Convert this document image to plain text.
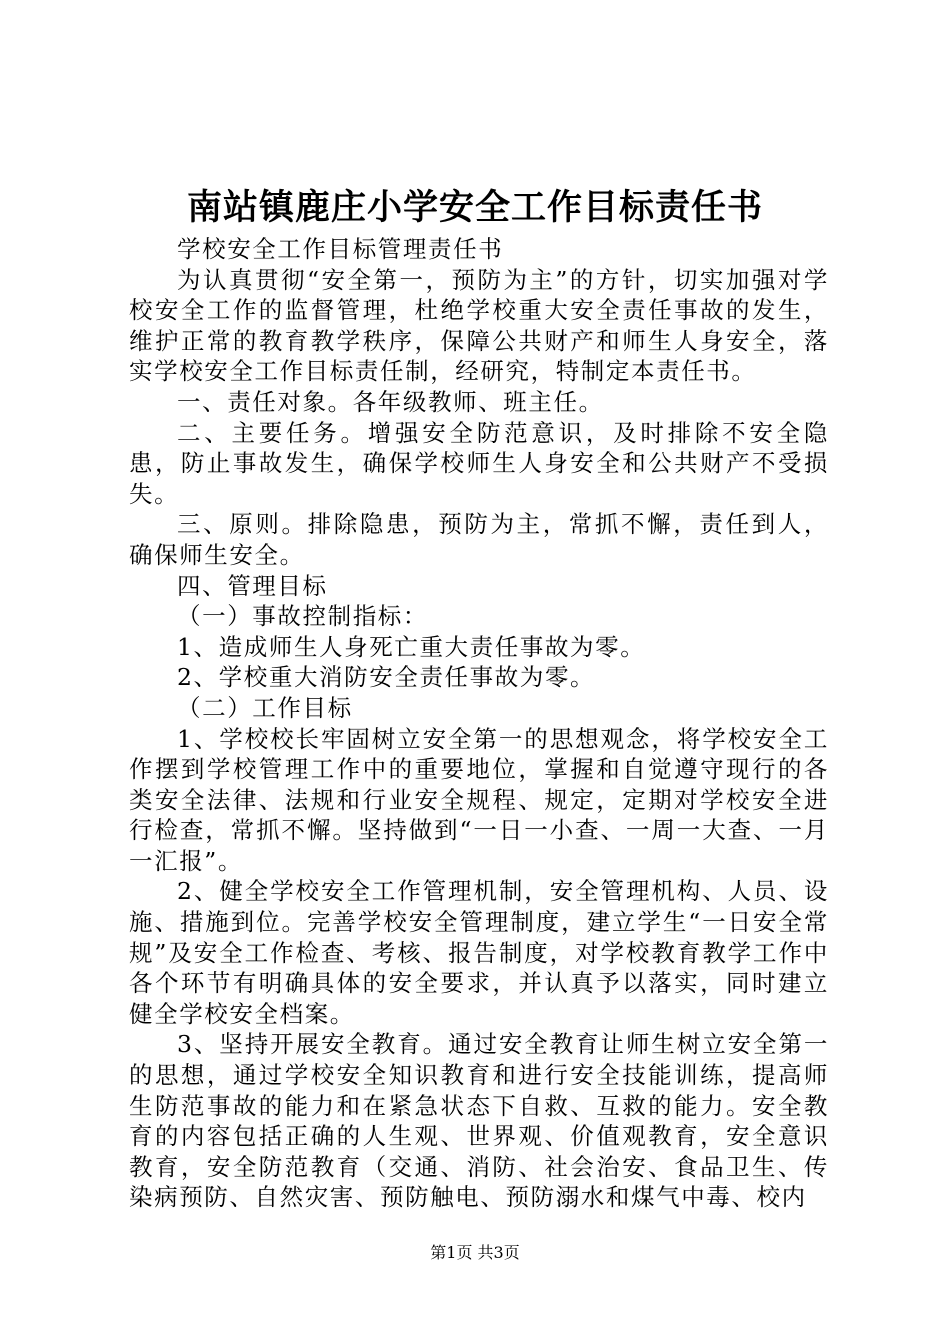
南站镇鹿庄小学安全工作目标责任书

学校安全工作目标管理责任书

为认真贯彻“安全第一，预防为主”的方针，切实加强对学校安全工作的监督管理，杜绝学校重大安全责任事故的发生，维护正常的教育教学秩序，保障公共财产和师生人身安全，落实学校安全工作目标责任制，经研究，特制定本责任书。

一、责任对象。各年级教师、班主任。

二、主要任务。增强安全防范意识，及时排除不安全隐患，防止事故发生，确保学校师生人身安全和公共财产不受损失。

三、原则。排除隐患，预防为主，常抓不懈，责任到人，确保师生安全。

四、管理目标

（一）事故控制指标：

1、造成师生人身死亡重大责任事故为零。

2、学校重大消防安全责任事故为零。

（二）工作目标

1、学校校长牢固树立安全第一的思想观念，将学校安全工作摆到学校管理工作中的重要地位，掌握和自觉遵守现行的各类安全法律、法规和行业安全规程、规定，定期对学校安全进行检查，常抓不懈。坚持做到“一日一小查、一周一大查、一月一汇报”。

2、健全学校安全工作管理机制，安全管理机构、人员、设施、措施到位。完善学校安全管理制度，建立学生“一日安全常规”及安全工作检查、考核、报告制度，对学校教育教学工作中各个环节有明确具体的安全要求，并认真予以落实，同时建立健全学校安全档案。

3、坚持开展安全教育。通过安全教育让师生树立安全第一的思想，通过学校安全知识教育和进行安全技能训练，提高师生防范事故的能力和在紧急状态下自救、互救的能力。安全教育的内容包括正确的人生观、世界观、价值观教育，安全意识教育，安全防范教育（交通、消防、社会治安、食品卫生、传染病预防、自然灾害、预防触电、预防溺水和煤气中毒、校内

第1页 共3页
